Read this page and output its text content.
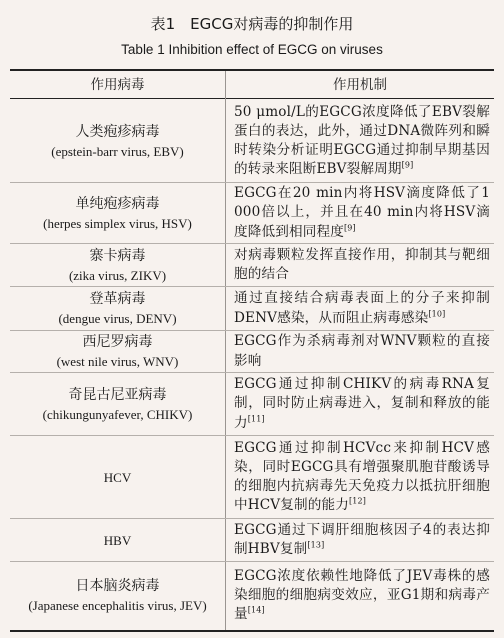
表1　EGCG对病毒的抑制作用
Table 1 Inhibition effect of EGCG on viruses
作用病毒	作用机制
人类疱疹病毒
(epstein-barr virus, EBV)
50 μmol/L的EGCG浓度降低了EBV裂解蛋白的表达，此外，通过DNA微阵列和瞬时转染分析证明EGCG通过抑制早期基因的转录来阻断EBV裂解周期[9]
单纯疱疹病毒
(herpes simplex virus, HSV)
EGCG在20 min内将HSV滴度降低了1 000倍以上，并且在40 min内将HSV滴度降低到相同程度[9]
寨卡病毒
(zika virus, ZIKV)
对病毒颗粒发挥直接作用，抑制其与靶细胞的结合
登革病毒
(dengue virus, DENV)
通过直接结合病毒表面上的分子来抑制DENV感染，从而阻止病毒感染[10]
西尼罗病毒
(west nile virus, WNV)
EGCG作为杀病毒剂对WNV颗粒的直接影响
奇昆古尼亚病毒
(chikungunyafever, CHIKV)
EGCG通过抑制CHIKV的病毒RNA复制，同时防止病毒进入，复制和释放的能力[11]
HCV
EGCG通过抑制HCVcc来抑制HCV感染，同时EGCG具有增强聚肌胞苷酸诱导的细胞内抗病毒先天免疫力以抵抗肝细胞中HCV复制的能力[12]
HBV
EGCG通过下调肝细胞核因子4的表达抑制HBV复制[13]
日本脑炎病毒
(Japanese encephalitis virus, JEV)
EGCG浓度依赖性地降低了JEV毒株的感染细胞的细胞病变效应，亚G1期和病毒产量[14]
